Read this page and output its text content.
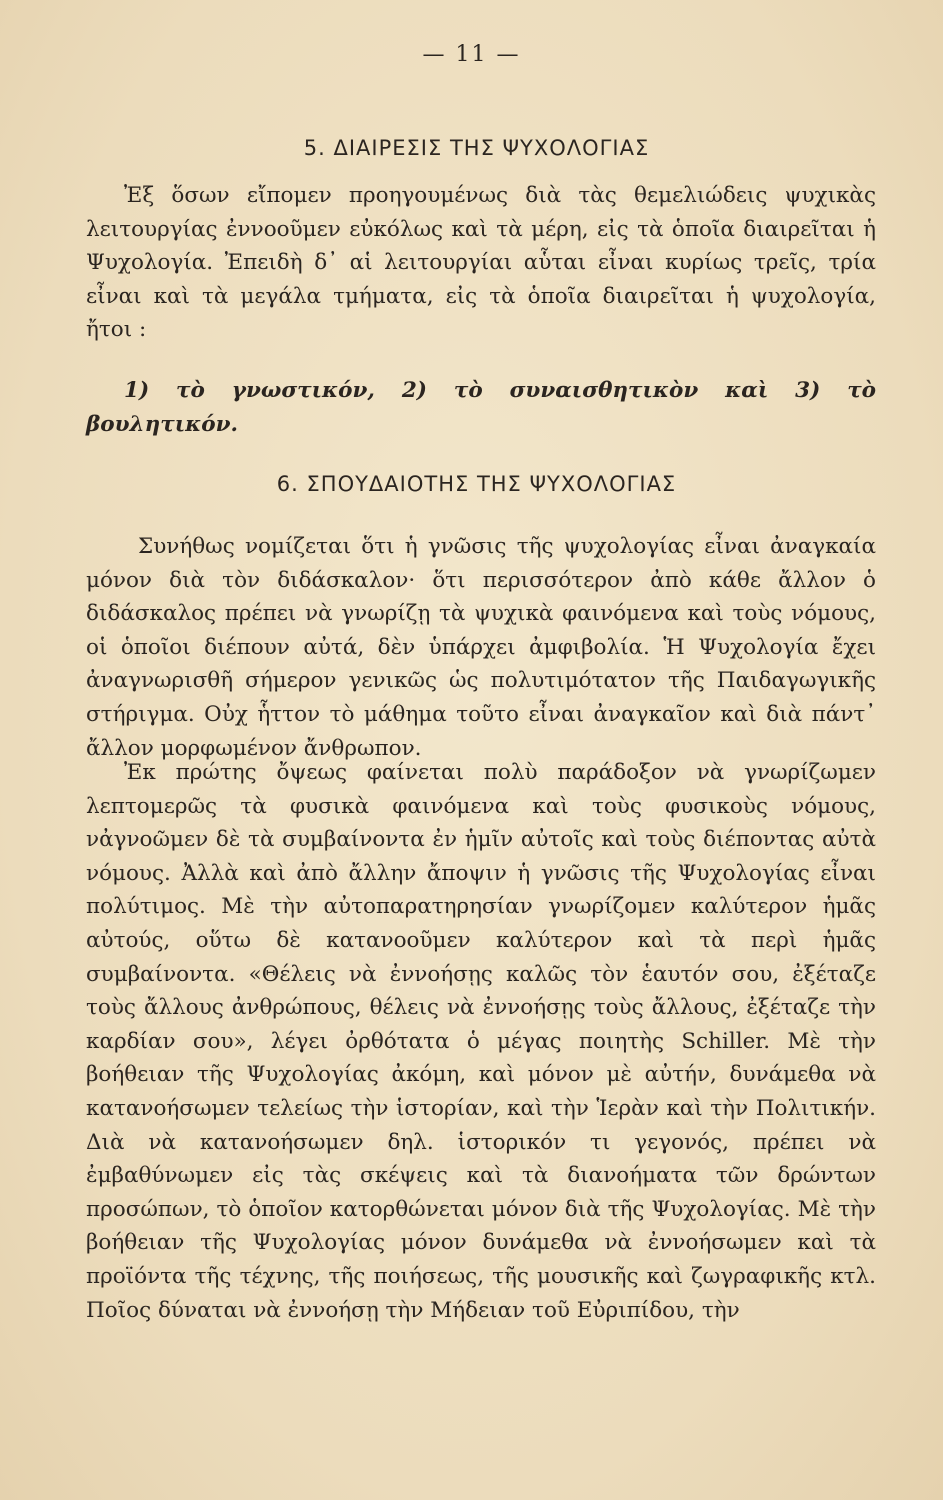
— 11 —
5. ΔΙΑΙΡΕΣΙΣ ΤΗΣ ΨΥΧΟΛΟΓΙΑΣ

Ἐξ ὅσων εἴπομεν προηγουμένως διὰ τὰς θεμελιώδεις ψυχικὰς λειτουργίας ἐννοοῦμεν εὐκόλως καὶ τὰ μέρη, εἰς τὰ ὁποῖα διαιρεῖται ἡ Ψυχολογία. Ἐπειδὴ δ᾿ αἱ λειτουργίαι αὗται εἶναι κυρίως τρεῖς, τρία εἶναι καὶ τὰ μεγάλα τμήματα, εἰς τὰ ὁποῖα διαιρεῖται ἡ ψυχολογία, ἤτοι :

1) τὸ γνωστικόν, 2) τὸ συναισθητικὸν καὶ 3) τὸ βουλητικόν.

6. ΣΠΟΥΔΑΙΟΤΗΣ ΤΗΣ ΨΥΧΟΛΟΓΙΑΣ

Συνήθως νομίζεται ὅτι ἡ γνῶσις τῆς ψυχολογίας εἶναι ἀναγκαία μόνον διὰ τὸν διδάσκαλον· ὅτι περισσότερον ἀπὸ κάθε ἄλλον ὁ διδάσκαλος πρέπει νὰ γνωρίζῃ τὰ ψυχικὰ φαινόμενα καὶ τοὺς νόμους, οἱ ὁποῖοι διέπουν αὐτά, δὲν ὑπάρχει ἀμφιβολία. Ἡ Ψυχολογία ἔχει ἀναγνωρισθῆ σήμερον γενικῶς ὡς πολυτιμότατον τῆς Παιδαγωγικῆς στήριγμα. Οὐχ ἧττον τὸ μάθημα τοῦτο εἶναι ἀναγκαῖον καὶ διὰ πάντ᾿ ἄλλον μορφωμένον ἄνθρωπον.

Ἐκ πρώτης ὄψεως φαίνεται πολὺ παράδοξον νὰ γνωρίζωμεν λεπτομερῶς τὰ φυσικὰ φαινόμενα καὶ τοὺς φυσικοὺς νόμους, νἀγνοῶμεν δὲ τὰ συμβαίνοντα ἐν ἡμῖν αὐτοῖς καὶ τοὺς διέποντας αὐτὰ νόμους. Ἀλλὰ καὶ ἀπὸ ἄλλην ἄποψιν ἡ γνῶσις τῆς Ψυχολογίας εἶναι πολύτιμος. Μὲ τὴν αὐτοπαρατηρησίαν γνωρίζομεν καλύτερον ἡμᾶς αὐτούς, οὕτω δὲ κατανοοῦμεν καλύτερον καὶ τὰ περὶ ἡμᾶς συμβαίνοντα. «Θέλεις νὰ ἐννοήσῃς καλῶς τὸν ἑαυτόν σου, ἐξέταζε τοὺς ἄλλους ἀνθρώπους, θέλεις νὰ ἐννοήσῃς τοὺς ἄλλους, ἐξέταζε τὴν καρδίαν σου», λέγει ὀρθότατα ὁ μέγας ποιητὴς Schiller. Μὲ τὴν βοήθειαν τῆς Ψυχολογίας ἀκόμη, καὶ μόνον μὲ αὐτήν, δυνάμεθα νὰ κατανοήσωμεν τελείως τὴν ἱστορίαν, καὶ τὴν Ἱερὰν καὶ τὴν Πολιτικήν. Διὰ νὰ κατανοήσωμεν δηλ. ἱστορικόν τι γεγονός, πρέπει νὰ ἐμβαθύνωμεν εἰς τὰς σκέψεις καὶ τὰ διανοήματα τῶν δρώντων προσώπων, τὸ ὁποῖον κατορθώνεται μόνον διὰ τῆς Ψυχολογίας. Μὲ τὴν βοήθειαν τῆς Ψυχολογίας μόνον δυνάμεθα νὰ ἐννοήσωμεν καὶ τὰ προϊόντα τῆς τέχνης, τῆς ποιήσεως, τῆς μουσικῆς καὶ ζωγραφικῆς κτλ. Ποῖος δύναται νὰ ἐννοήσῃ τὴν Μήδειαν τοῦ Εὐριπίδου, τὴν
